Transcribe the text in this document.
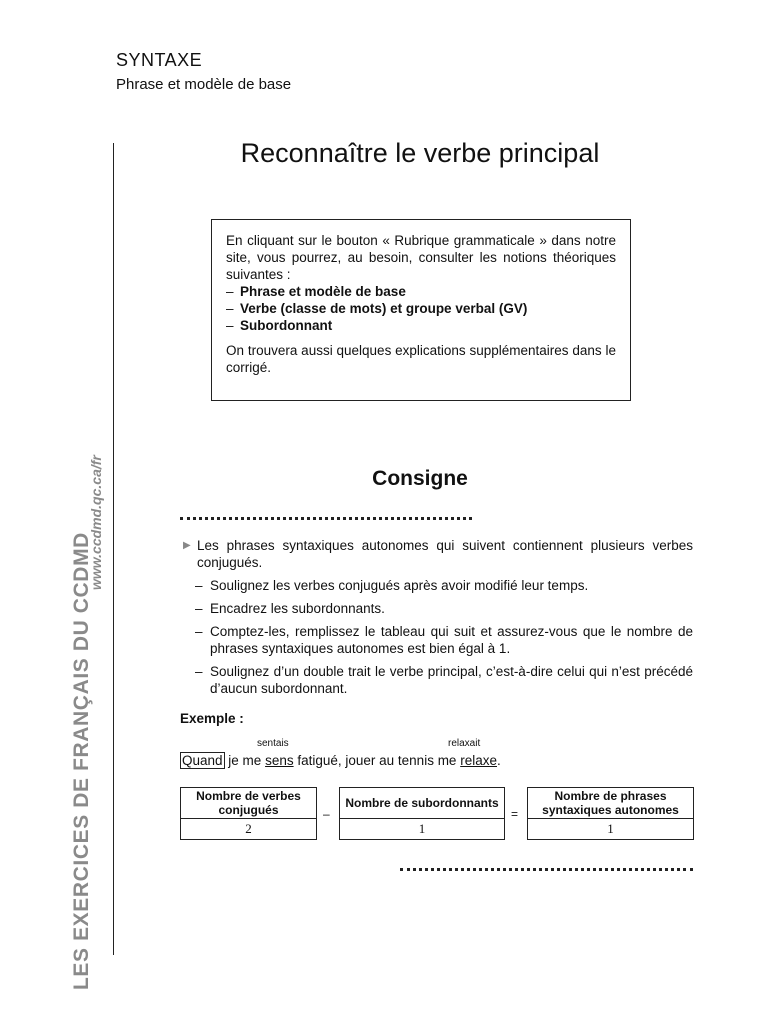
SYNTAXE
Phrase et modèle de base
LES EXERCICES DE FRANÇAIS DU CCDMD
www.ccdmd.qc.ca/fr
Reconnaître le verbe principal

En cliquant sur le bouton « Rubrique grammaticale » dans notre site, vous pourrez, au besoin, consulter les notions théoriques suivantes :

– Phrase et modèle de base

– Verbe (classe de mots) et groupe verbal (GV)

– Subordonnant

On trouvera aussi quelques explications supplémentaires dans le corrigé.

Consigne

▶ Les phrases syntaxiques autonomes qui suivent contiennent plusieurs verbes conjugués.

– Soulignez les verbes conjugués après avoir modifié leur temps.
– Encadrez les subordonnants.
– Comptez-les, remplissez le tableau qui suit et assurez-vous que le nombre de phrases syntaxiques autonomes est bien égal à 1.
– Soulignez d’un double trait le verbe principal, c’est-à-dire celui qui n’est précédé d’aucun subordonnant.
Exemple :
sentais	relaxait
Quand je me sens fatigué, jouer au tennis me relaxe.
Nombre de verbes conjugués
2
–
Nombre de subordonnants
1
=
Nombre de phrases syntaxiques autonomes
1
